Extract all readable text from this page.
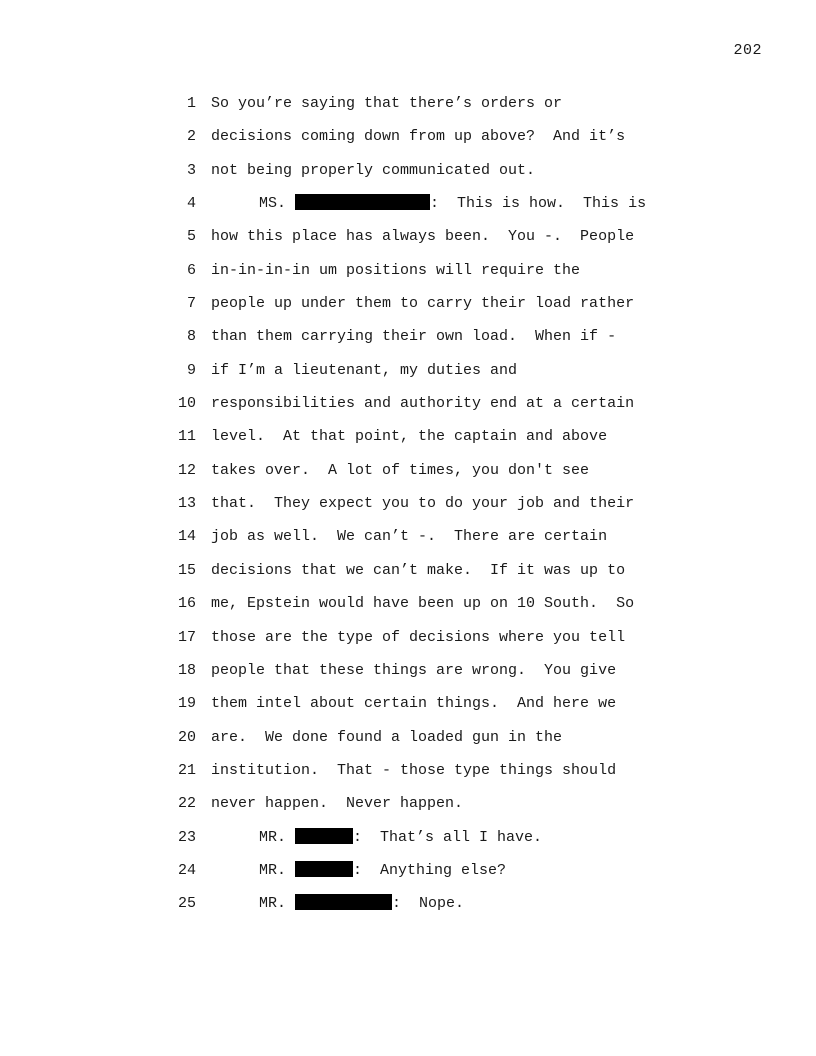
202
1	So you’re saying that there’s orders or
2	decisions coming down from up above?  And it’s
3	not being properly communicated out.
4	MS.	:  This is how.  This is
5	how this place has always been.  You -.  People
6	in-in-in-in um positions will require the
7	people up under them to carry their load rather
8	than them carrying their own load.  When if -
9	if I’m a lieutenant, my duties and
10	responsibilities and authority end at a certain
11	level.  At that point, the captain and above
12	takes over.  A lot of times, you don't see
13	that.  They expect you to do your job and their
14	job as well.  We can’t -.  There are certain
15	decisions that we can’t make.  If it was up to
16	me, Epstein would have been up on 10 South.  So
17	those are the type of decisions where you tell
18	people that these things are wrong.  You give
19	them intel about certain things.  And here we
20	are.  We done found a loaded gun in the
21	institution.  That - those type things should
22	never happen.  Never happen.
23	MR.	:  That’s all I have.
24	MR.	:  Anything else?
25	MR.	:  Nope.
